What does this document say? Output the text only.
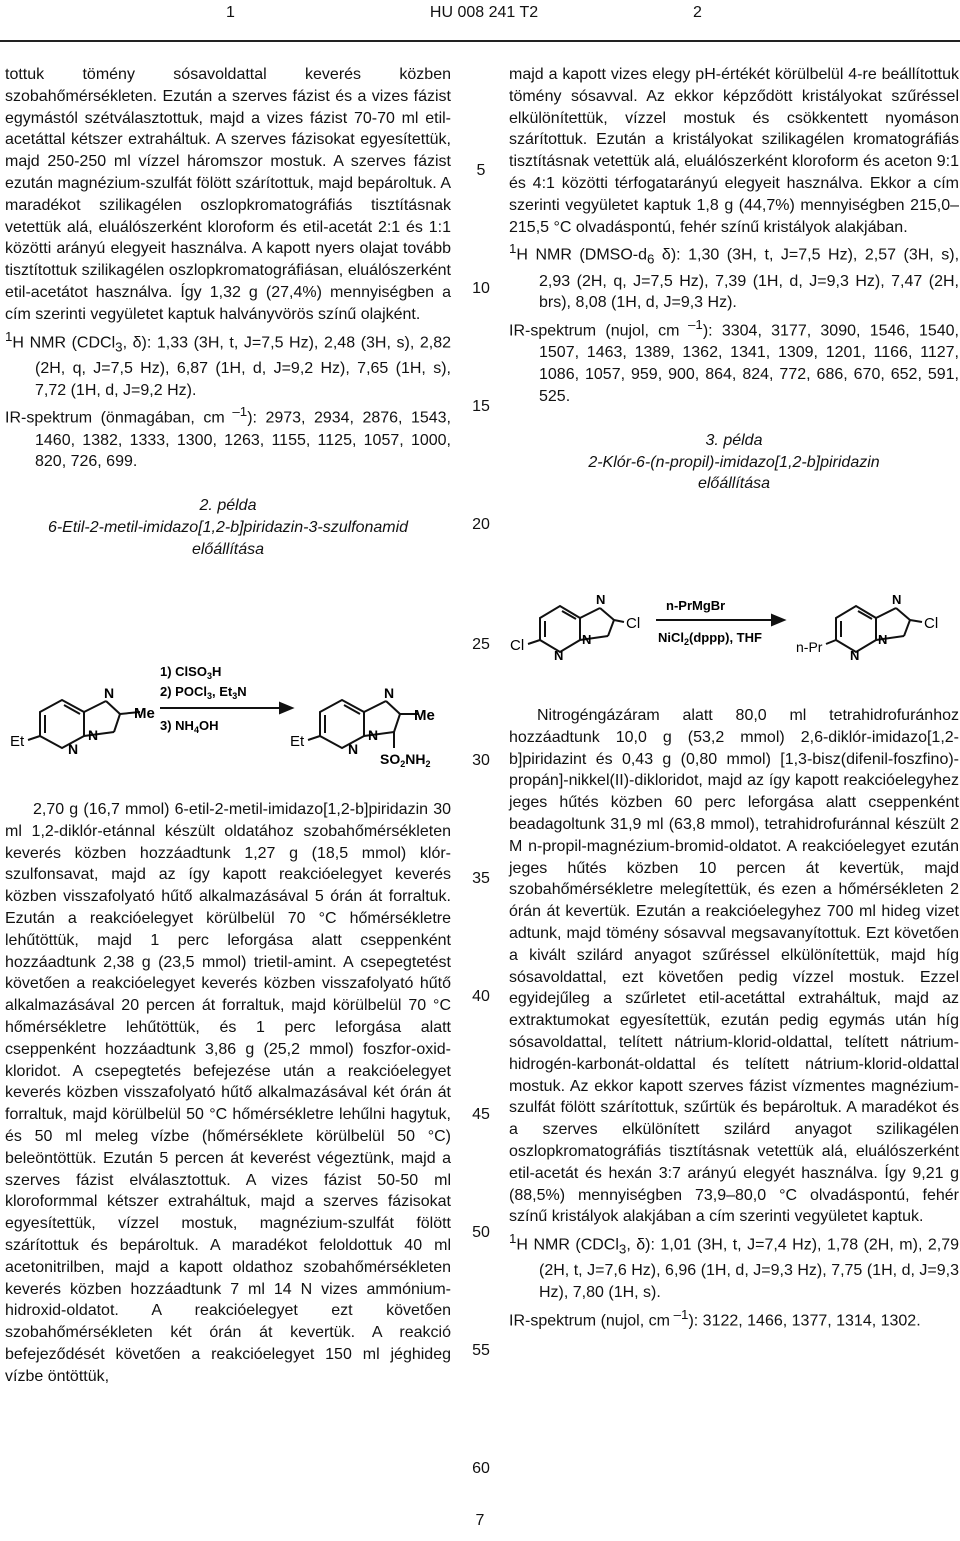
1	HU 008 241 T2	2

tottuk tömény sósavoldattal keverés közben szobahőmérsékleten. Ezután a szerves fázist és a vizes fázist egymástól szétválasztottuk, majd a vizes fázist 70-70 ml etil-acetáttal kétszer extraháltuk. A szerves fázisokat egyesítettük, majd 250-250 ml vízzel háromszor mostuk. A szerves fázist ezután magnézium-szulfát fölött szárítottuk, majd bepároltuk. A maradékot szilikagélen oszlopkromatográfiás tisztításnak vetettük alá, eluálószerként kloroform és etil-acetát 2:1 és 1:1 közötti arányú elegyeit használva. A kapott nyers olajat tovább tisztítottuk szilikagélen oszlopkromatográfiásan, eluálószerként etil-acetátot használva. Így 1,32 g (27,4%) mennyiségben a cím szerinti vegyületet kaptuk halványvörös színű olajként.

$^1$H NMR (CDCl$_3$, δ): 1,33 (3H, t, J=7,5 Hz), 2,48 (3H, s), 2,82 (2H, q, J=7,5 Hz), 6,87 (1H, d, J=9,2 Hz), 7,65 (1H, s), 7,72 (1H, d, J=9,2 Hz).

IR-spektrum (önmagában, cm $^{-1}$): 2973, 2934, 2876, 1543, 1460, 1382, 1333, 1300, 1263, 1155, 1125, 1057, 1000, 820, 726, 699.

2. példa

6-Etil-2-metil-imidazo[1,2-b]piridazin-3-szulfonamid

előállítása

Et	N
N
N
Me
1) ClSO$_3$H
2) POCl$_3$, $Et_3N$
3) $NH_4OH$
Et	N
N
N
Me
$SO_2NH_2$

2,70 g (16,7 mmol) 6-etil-2-metil-imidazo[1,2-b]piridazin 30 ml 1,2-diklór-etánnal készült oldatához szobahőmérsékleten keverés közben hozzáadtunk 1,27 g (18,5 mmol) klór-szulfonsavat, majd az így kapott reakcióelegyet keverés közben visszafolyató hűtő alkalmazásával 5 órán át forraltuk. Ezután a reakcióelegyet körülbelül 70 °C hőmérsékletre lehűtöttük, majd 1 perc leforgása alatt cseppenként hozzáadtunk 2,38 g (23,5 mmol) trietil-amint. A csepegtetést követően a reakcióelegyet keverés közben visszafolyató hűtő alkalmazásával 20 percen át forraltuk, majd körülbelül 70 °C hőmérsékletre lehűtöttük, és 1 perc leforgása alatt cseppenként hozzáadtunk 3,86 g (25,2 mmol) foszfor-oxid-kloridot. A csepegtetés befejezése után a reakcióelegyet keverés közben visszafolyató hűtő alkalmazásával két órán át forraltuk, majd körülbelül 50 °C hőmérsékletre lehűlni hagytuk, és 50 ml meleg vízbe (hőmérséklete körülbelül 50 °C) beleöntöttük. Ezután 5 percen át keverést végeztünk, majd a szerves fázist elválasztottuk. A vizes fázist 50-50 ml kloroformmal kétszer extraháltuk, majd a szerves fázisokat egyesítettük, vízzel mostuk, magnézium-szulfát fölött szárítottuk és bepároltuk. A maradékot feloldottuk 40 ml acetonitrilben, majd a kapott oldathoz szobahőmérsékleten keverés közben hozzáadtunk 7 ml 14 N vizes ammónium-hidroxid-oldatot. A reakcióelegyet ezt követően szobahőmérsékleten két órán át kevertük. A reakció befejeződését követően a reakcióelegyet 150 ml jéghideg vízbe öntöttük,

5
10
15
20
25
30
35
40
45
50
55
60

majd a kapott vizes elegy pH-értékét körülbelül 4-re beállítottuk tömény sósavval. Az ekkor képződött kristályokat szűréssel elkülönítettük, vízzel mostuk és csökkentett nyomáson szárítottuk. Ezután a kristályokat szilikagélen kromatográfiás tisztításnak vetettük alá, eluálószerként kloroform és aceton 9:1 és 4:1 közötti térfogatarányú elegyeit használva. Ekkor a cím szerinti vegyületet kaptuk 1,8 g (44,7%) mennyiségben 215,0–215,5 °C olvadáspontú, fehér színű kristályok alakjában.

$^1$H NMR ($DMSO-d_6$ δ): 1,30 (3H, t, J=7,5 Hz), 2,57 (3H, s), 2,93 (2H, q, J=7,5 Hz), 7,39 (1H, d, J=9,3 Hz), 7,47 (2H, brs), 8,08 (1H, d, J=9,3 Hz).

IR-spektrum (nujol, cm $^{-1}$): 3304, 3177, 3090, 1546, 1540, 1507, 1463, 1389, 1362, 1341, 1309, 1201, 1166, 1127, 1086, 1057, 959, 900, 864, 824, 772, 686, 670, 652, 591, 525.

3. példa

2-Klór-6-(n-propil)-imidazo[1,2-b]piridazin

előállítása

Cl
N
N
N
Cl
n-PrMgBr
NiCl$_2$(dppp), THF
n-Pr
N
N
N
Cl

Nitrogéngázáram alatt 80,0 ml tetrahidrofuránhoz hozzáadtunk 10,0 g (53,2 mmol) 2,6-diklór-imidazo[1,2-b]piridazint és 0,43 g (0,80 mmol) [1,3-bisz(difenil-foszfino)-propán]-nikkel(II)-dikloridot, majd az így kapott reakcióelegyhez jeges hűtés közben 60 perc leforgása alatt cseppenként beadagoltunk 31,9 ml (63,8 mmol), tetrahidrofuránnal készült 2 M n-propil-magnézium-bromid-oldatot. A reakcióelegyet ezután jeges hűtés közben 10 percen át kevertük, majd szobahőmérsékletre melegítettük, és ezen a hőmérsékleten 2 órán át kevertük. Ezután a reakcióelegyhez 700 ml hideg vizet adtunk, majd tömény sósavval megsavanyítottuk. Ezt követően a kivált szilárd anyagot szűréssel elkülönítettük, majd híg sósavoldattal, ezt követően pedig vízzel mostuk. Ezzel egyidejűleg a szűrletet etil-acetáttal extraháltuk, majd az extraktumokat egyesítettük, ezután pedig egymás után híg sósavoldattal, telített nátrium-klorid-oldattal, telített nátrium-hidrogén-karbonát-oldattal és telített nátrium-klorid-oldattal mostuk. Az ekkor kapott szerves fázist vízmentes magnézium-szulfát fölött szárítottuk, szűrtük és bepároltuk. A maradékot és a szerves elkülönített szilárd anyagot szilikagélen oszlopkromatográfiás tisztításnak vetettük alá, eluálószerként etil-acetát és hexán 3:7 arányú elegyét használva. Így 9,21 g (88,5%) mennyiségben 73,9–80,0 °C olvadáspontú, fehér színű kristályok alakjában a cím szerinti vegyületet kaptuk.

$^1$H NMR (CDCl$_3$, δ): 1,01 (3H, t, J=7,4 Hz), 1,78 (2H, m), 2,79 (2H, t, J=7,6 Hz), 6,96 (1H, d, J=9,3 Hz), 7,75 (1H, d, J=9,3 Hz), 7,80 (1H, s).

IR-spektrum (nujol, cm $^{-1}$): 3122, 1466, 1377, 1314, 1302.

7
